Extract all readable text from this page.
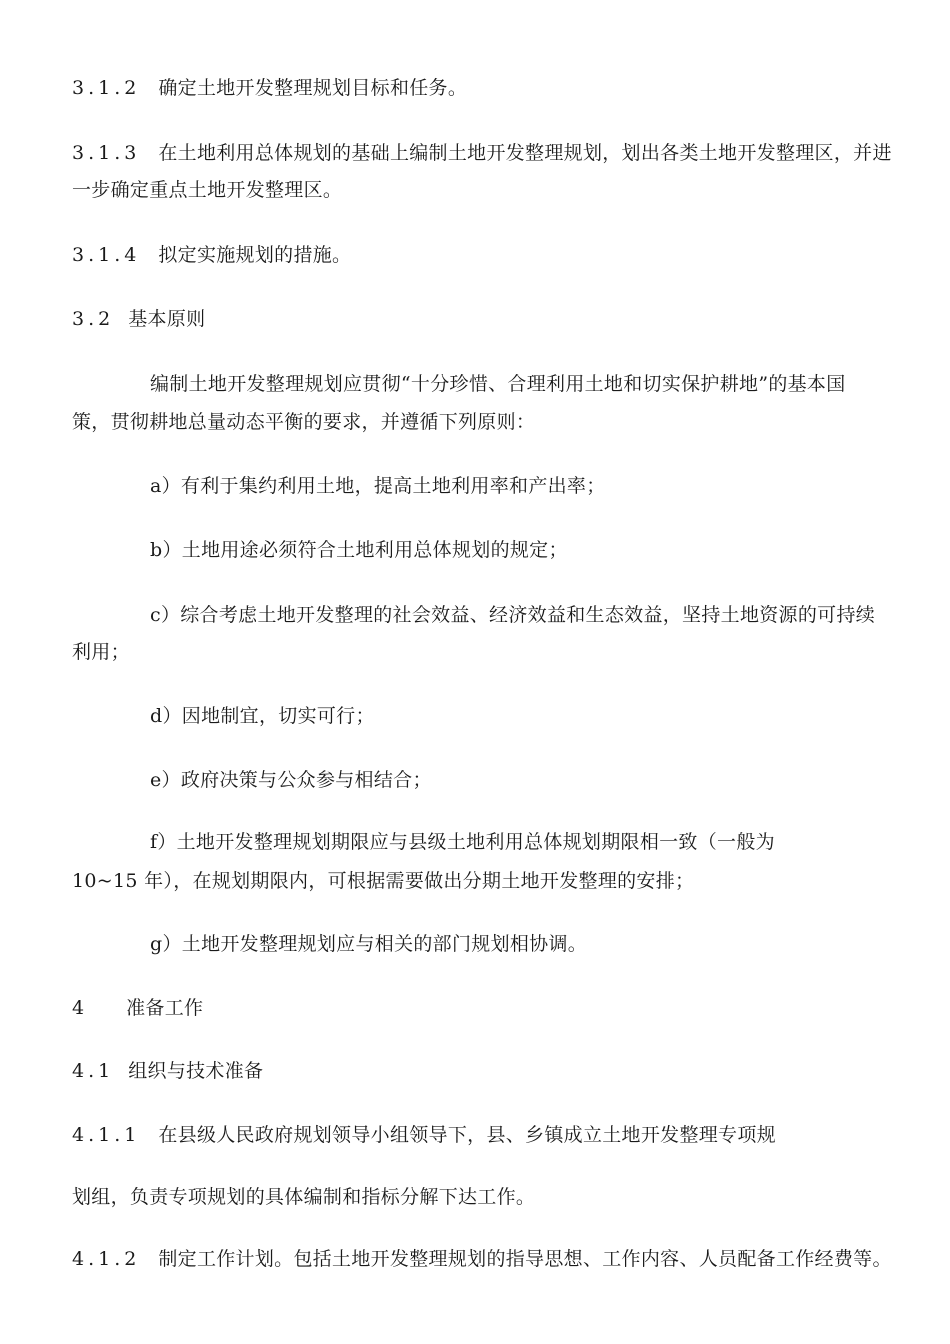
3.1.2 确定土地开发整理规划目标和任务。
3.1.3 在土地利用总体规划的基础上编制土地开发整理规划，划出各类土地开发整理区，并进
一步确定重点土地开发整理区。
3.1.4 拟定实施规划的措施。
3.2 基本原则
编制土地开发整理规划应贯彻“十分珍惜、合理利用土地和切实保护耕地”的基本国
策，贯彻耕地总量动态平衡的要求，并遵循下列原则：
a）有利于集约利用土地，提高土地利用率和产出率；
b）土地用途必须符合土地利用总体规划的规定；
c）综合考虑土地开发整理的社会效益、经济效益和生态效益，坚持土地资源的可持续
利用；
d）因地制宜，切实可行；
e）政府决策与公众参与相结合；
f）土地开发整理规划期限应与县级土地利用总体规划期限相一致（一般为
10~15 年），在规划期限内，可根据需要做出分期土地开发整理的安排；
g）土地开发整理规划应与相关的部门规划相协调。
4 准备工作
4.1 组织与技术准备
4.1.1 在县级人民政府规划领导小组领导下，县、乡镇成立土地开发整理专项规
划组，负责专项规划的具体编制和指标分解下达工作。
4.1.2 制定工作计划。包括土地开发整理规划的指导思想、工作内容、人员配备工作经费等。
